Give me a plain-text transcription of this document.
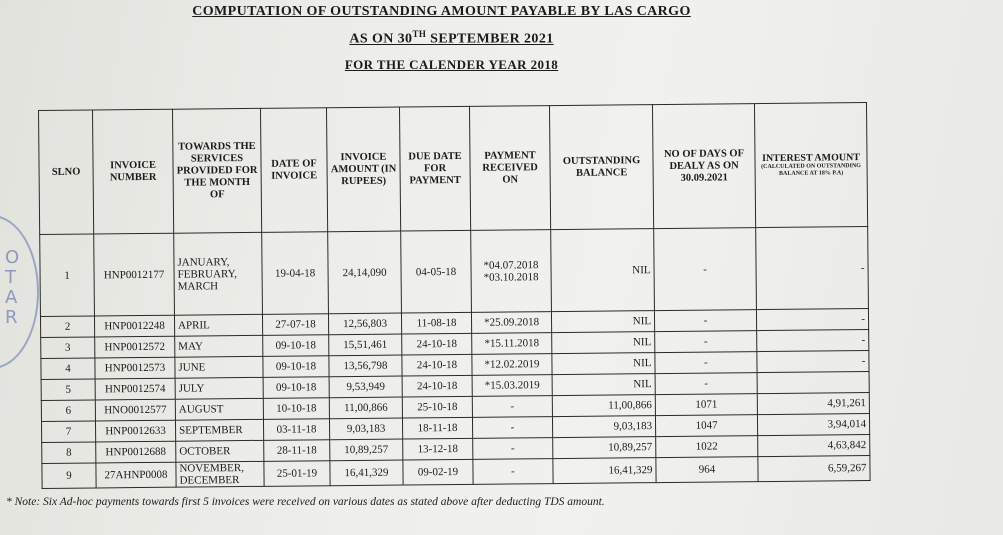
COMPUTATION OF OUTSTANDING AMOUNT PAYABLE BY LAS CARGO
AS ON 30TH SEPTEMBER 2021
FOR THE CALENDER YEAR 2018
O
T
A
R
SLNO	INVOICE NUMBER	TOWARDS THE SERVICES PROVIDED FOR THE MONTH OF	DATE OF INVOICE	INVOICE AMOUNT (IN RUPEES)	DUE DATE FOR PAYMENT	PAYMENT RECEIVED ON	OUTSTANDING BALANCE	NO OF DAYS OF DEALY AS ON 30.09.2021	INTEREST AMOUNT
(CALCULATED ON OUTSTANDING BALANCE AT 18% P.A)
1	HNP0012177	JANUARY, FEBRUARY, MARCH	19-04-18	24,14,090	04-05-18	*04.07.2018
*03.10.2018	NIL	-	-
2	HNP0012248	APRIL	27-07-18	12,56,803	11-08-18	*25.09.2018	NIL	-	-
3	HNP0012572	MAY	09-10-18	15,51,461	24-10-18	*15.11.2018	NIL	-	-
4	HNP0012573	JUNE	09-10-18	13,56,798	24-10-18	*12.02.2019	NIL	-	-
5	HNP0012574	JULY	09-10-18	9,53,949	24-10-18	*15.03.2019	NIL	-	
6	HNO0012577	AUGUST	10-10-18	11,00,866	25-10-18	-	11,00,866	1071	4,91,261
7	HNP0012633	SEPTEMBER	03-11-18	9,03,183	18-11-18	-	9,03,183	1047	3,94,014
8	HNP0012688	OCTOBER	28-11-18	10,89,257	13-12-18	-	10,89,257	1022	4,63,842
9	27AHNP0008	NOVEMBER, DECEMBER	25-01-19	16,41,329	09-02-19	-	16,41,329	964	6,59,267
* Note: Six Ad-hoc payments towards first 5 invoices were received on various dates as stated above after deducting TDS amount.
